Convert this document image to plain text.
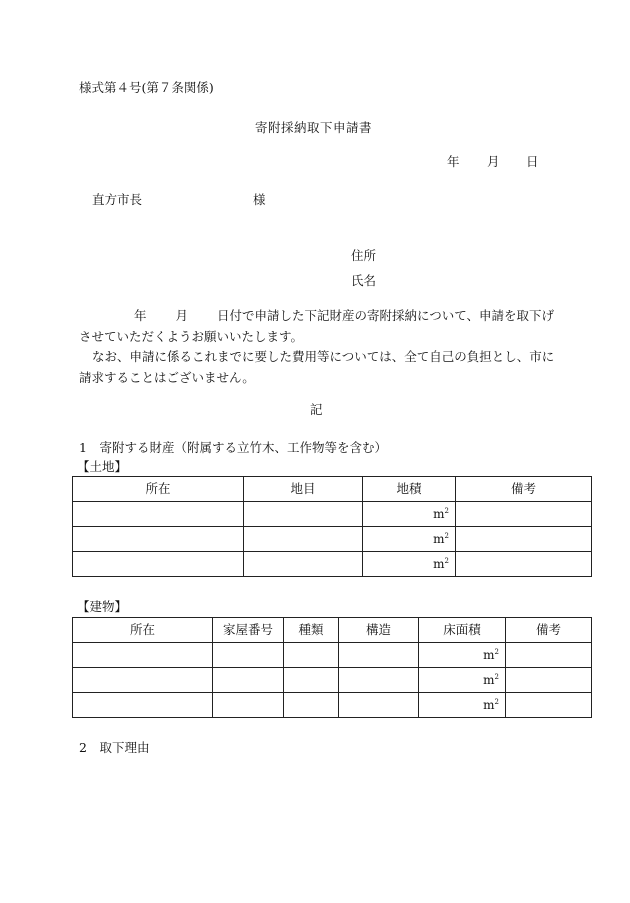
様式第４号(第７条関係)
寄附採納取下申請書
年 月 日
直方市長	様
住所
氏名
年 月 日付で申請した下記財産の寄附採納について、申請を取下げさせていただくようお願いいたします。
なお、申請に係るこれまでに要した費用等については、全て自己の負担とし、市に請求することはございません。
記
1　寄附する財産（附属する立竹木、工作物等を含む）
【土地】
所在	地目	地積	備考
		$m^2$	
		$m^2$	
		$m^2$	
【建物】
所在	家屋番号	種類	構造	床面積	備考
				$m^2$	
				$m^2$	
				$m^2$	
2　取下理由
